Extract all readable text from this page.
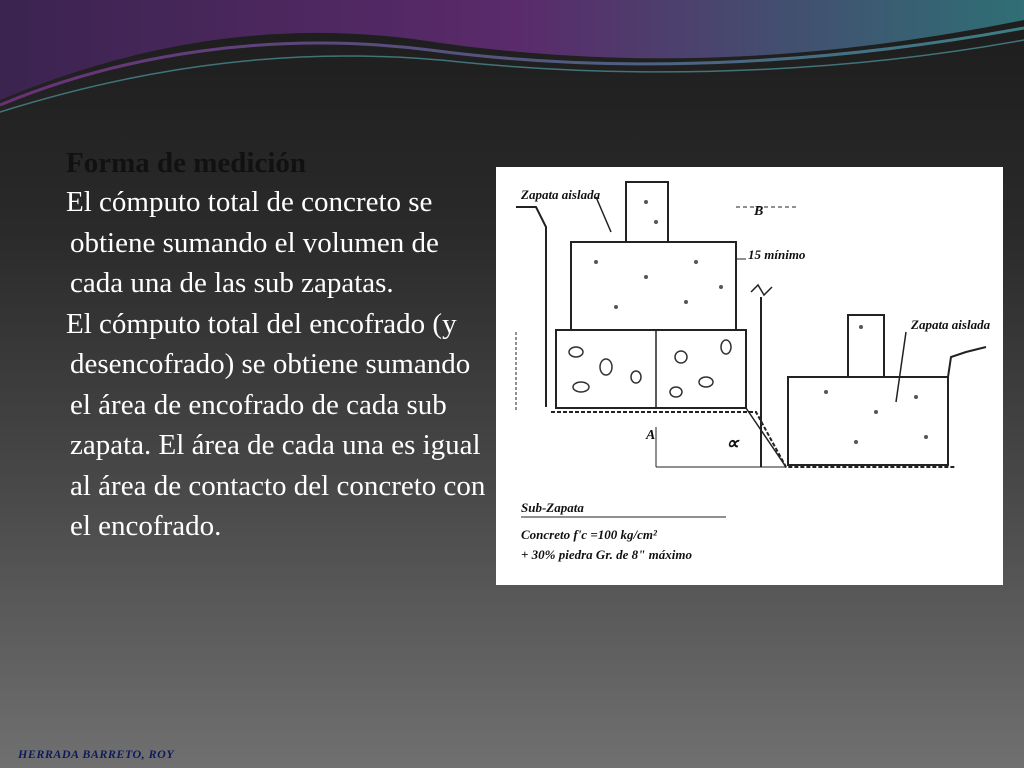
Forma de medición

El cómputo total de concreto se obtiene sumando el volumen de cada una de las sub zapatas.

El cómputo total del encofrado (y desencofrado) se obtiene sumando el área de encofrado de cada sub zapata. El área de cada una es igual al área de contacto del concreto con el encofrado.

Zapata aislada
B
15 mínimo
Zapata aislada
A	∝
Sub-Zapata
Concreto f'c =100 kg/cm²
+ 30% piedra Gr. de 8" máximo
HERRADA BARRETO, ROY
